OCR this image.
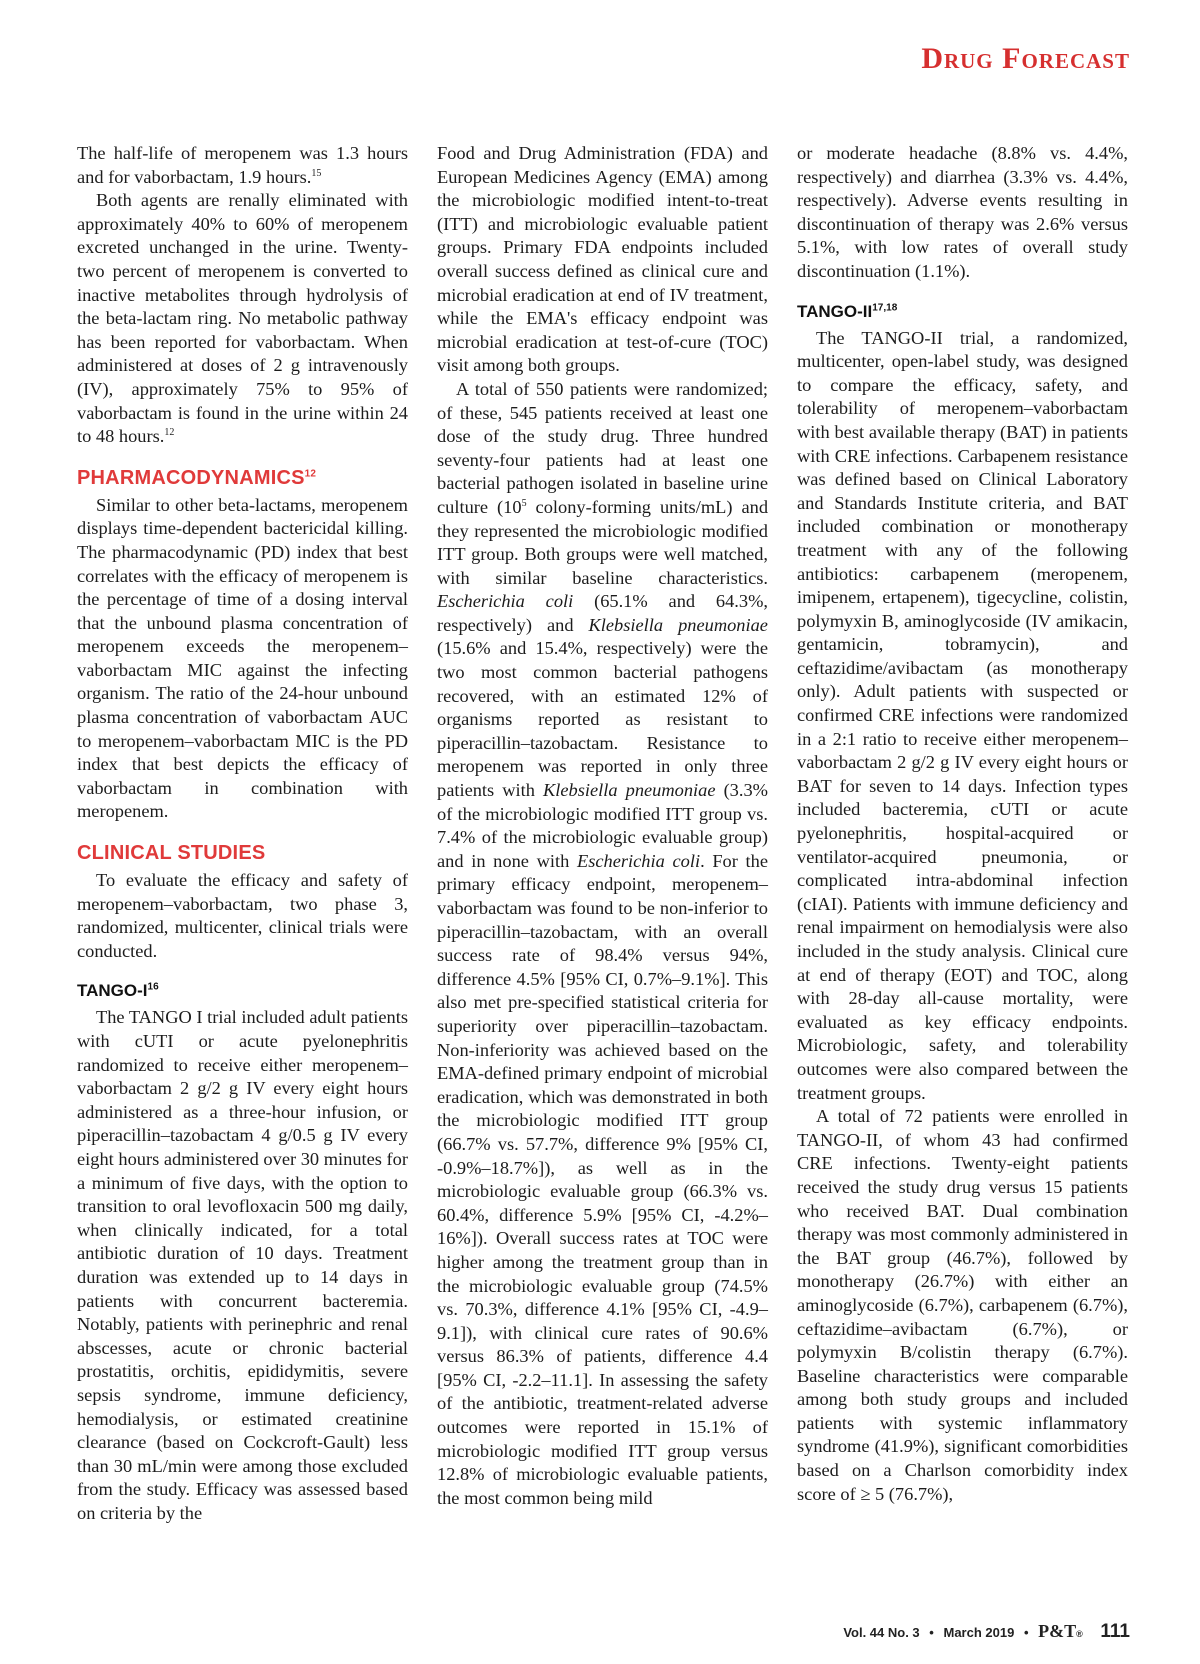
Drug Forecast

The half-life of meropenem was 1.3 hours and for vaborbactam, 1.9 hours.$^{15}$

Both agents are renally eliminated with approximately 40% to 60% of meropenem excreted unchanged in the urine. Twenty-two percent of meropenem is converted to inactive metabolites through hydrolysis of the beta-lactam ring. No metabolic pathway has been reported for vaborbactam. When administered at doses of 2 g intravenously (IV), approximately 75% to 95% of vaborbactam is found in the urine within 24 to 48 hours.$^{12}$

PHARMACODYNAMICS$^{12}$

Similar to other beta-lactams, meropenem displays time-dependent bactericidal killing. The pharmacodynamic (PD) index that best correlates with the efficacy of meropenem is the percentage of time of a dosing interval that the unbound plasma concentration of meropenem exceeds the meropenem–vaborbactam MIC against the infecting organism. The ratio of the 24-hour unbound plasma concentration of vaborbactam AUC to meropenem–vaborbactam MIC is the PD index that best depicts the efficacy of vaborbactam in combination with meropenem.

CLINICAL STUDIES

To evaluate the efficacy and safety of meropenem–vaborbactam, two phase 3, randomized, multicenter, clinical trials were conducted.

TANGO-$I^{16}$

The TANGO I trial included adult patients with cUTI or acute pyelonephritis randomized to receive either meropenem–vaborbactam 2 g/2 g IV every eight hours administered as a three-hour infusion, or piperacillin–tazobactam 4 g/0.5 g IV every eight hours administered over 30 minutes for a minimum of five days, with the option to transition to oral levofloxacin 500 mg daily, when clinically indicated, for a total antibiotic duration of 10 days. Treatment duration was extended up to 14 days in patients with concurrent bacteremia. Notably, patients with perinephric and renal abscesses, acute or chronic bacterial prostatitis, orchitis, epididymitis, severe sepsis syndrome, immune deficiency, hemodialysis, or estimated creatinine clearance (based on Cockcroft-Gault) less than 30 mL/min were among those excluded from the study. Efficacy was assessed based on criteria by the

Food and Drug Administration (FDA) and European Medicines Agency (EMA) among the microbiologic modified intent-to-treat (ITT) and microbiologic evaluable patient groups. Primary FDA endpoints included overall success defined as clinical cure and microbial eradication at end of IV treatment, while the EMA's efficacy endpoint was microbial eradication at test-of-cure (TOC) visit among both groups.

A total of 550 patients were randomized; of these, 545 patients received at least one dose of the study drug. Three hundred seventy-four patients had at least one bacterial pathogen isolated in baseline urine culture ($10^5$ colony-forming units/mL) and they represented the microbiologic modified ITT group. Both groups were well matched, with similar baseline characteristics. Escherichia coli (65.1% and 64.3%, respectively) and Klebsiella pneumoniae (15.6% and 15.4%, respectively) were the two most common bacterial pathogens recovered, with an estimated 12% of organisms reported as resistant to piperacillin–tazobactam. Resistance to meropenem was reported in only three patients with Klebsiella pneumoniae (3.3% of the microbiologic modified ITT group vs. 7.4% of the microbiologic evaluable group) and in none with Escherichia coli. For the primary efficacy endpoint, meropenem–vaborbactam was found to be non-inferior to piperacillin–tazobactam, with an overall success rate of 98.4% versus 94%, difference 4.5% [95% CI, 0.7%–9.1%]. This also met pre-specified statistical criteria for superiority over piperacillin–tazobactam. Non-inferiority was achieved based on the EMA-defined primary endpoint of microbial eradication, which was demonstrated in both the microbiologic modified ITT group (66.7% vs. 57.7%, difference 9% [95% CI, -0.9%–18.7%]), as well as in the microbiologic evaluable group (66.3% vs. 60.4%, difference 5.9% [95% CI, -4.2%–16%]). Overall success rates at TOC were higher among the treatment group than in the microbiologic evaluable group (74.5% vs. 70.3%, difference 4.1% [95% CI, -4.9–9.1]), with clinical cure rates of 90.6% versus 86.3% of patients, difference 4.4 [95% CI, -2.2–11.1]. In assessing the safety of the antibiotic, treatment-related adverse outcomes were reported in 15.1% of microbiologic modified ITT group versus 12.8% of microbiologic evaluable patients, the most common being mild

or moderate headache (8.8% vs. 4.4%, respectively) and diarrhea (3.3% vs. 4.4%, respectively). Adverse events resulting in discontinuation of therapy was 2.6% versus 5.1%, with low rates of overall study discontinuation (1.1%).

TANGO-II$^{17,18}$

The TANGO-II trial, a randomized, multicenter, open-label study, was designed to compare the efficacy, safety, and tolerability of meropenem–vaborbactam with best available therapy (BAT) in patients with CRE infections. Carbapenem resistance was defined based on Clinical Laboratory and Standards Institute criteria, and BAT included combination or monotherapy treatment with any of the following antibiotics: carbapenem (meropenem, imipenem, ertapenem), tigecycline, colistin, polymyxin B, aminoglycoside (IV amikacin, gentamicin, tobramycin), and ceftazidime/avibactam (as monotherapy only). Adult patients with suspected or confirmed CRE infections were randomized in a 2:1 ratio to receive either meropenem–vaborbactam 2 g/2 g IV every eight hours or BAT for seven to 14 days. Infection types included bacteremia, cUTI or acute pyelonephritis, hospital-acquired or ventilator-acquired pneumonia, or complicated intra-abdominal infection (cIAI). Patients with immune deficiency and renal impairment on hemodialysis were also included in the study analysis. Clinical cure at end of therapy (EOT) and TOC, along with 28-day all-cause mortality, were evaluated as key efficacy endpoints. Microbiologic, safety, and tolerability outcomes were also compared between the treatment groups.

A total of 72 patients were enrolled in TANGO-II, of whom 43 had confirmed CRE infections. Twenty-eight patients received the study drug versus 15 patients who received BAT. Dual combination therapy was most commonly administered in the BAT group (46.7%), followed by monotherapy (26.7%) with either an aminoglycoside (6.7%), carbapenem (6.7%), ceftazidime–avibactam (6.7%), or polymyxin B/colistin therapy (6.7%). Baseline characteristics were comparable among both study groups and included patients with systemic inflammatory syndrome (41.9%), significant comorbidities based on a Charlson comorbidity index score of ≥ 5 (76.7%),

Vol. 44 No. 3 • March 2019 • P&T® 111
